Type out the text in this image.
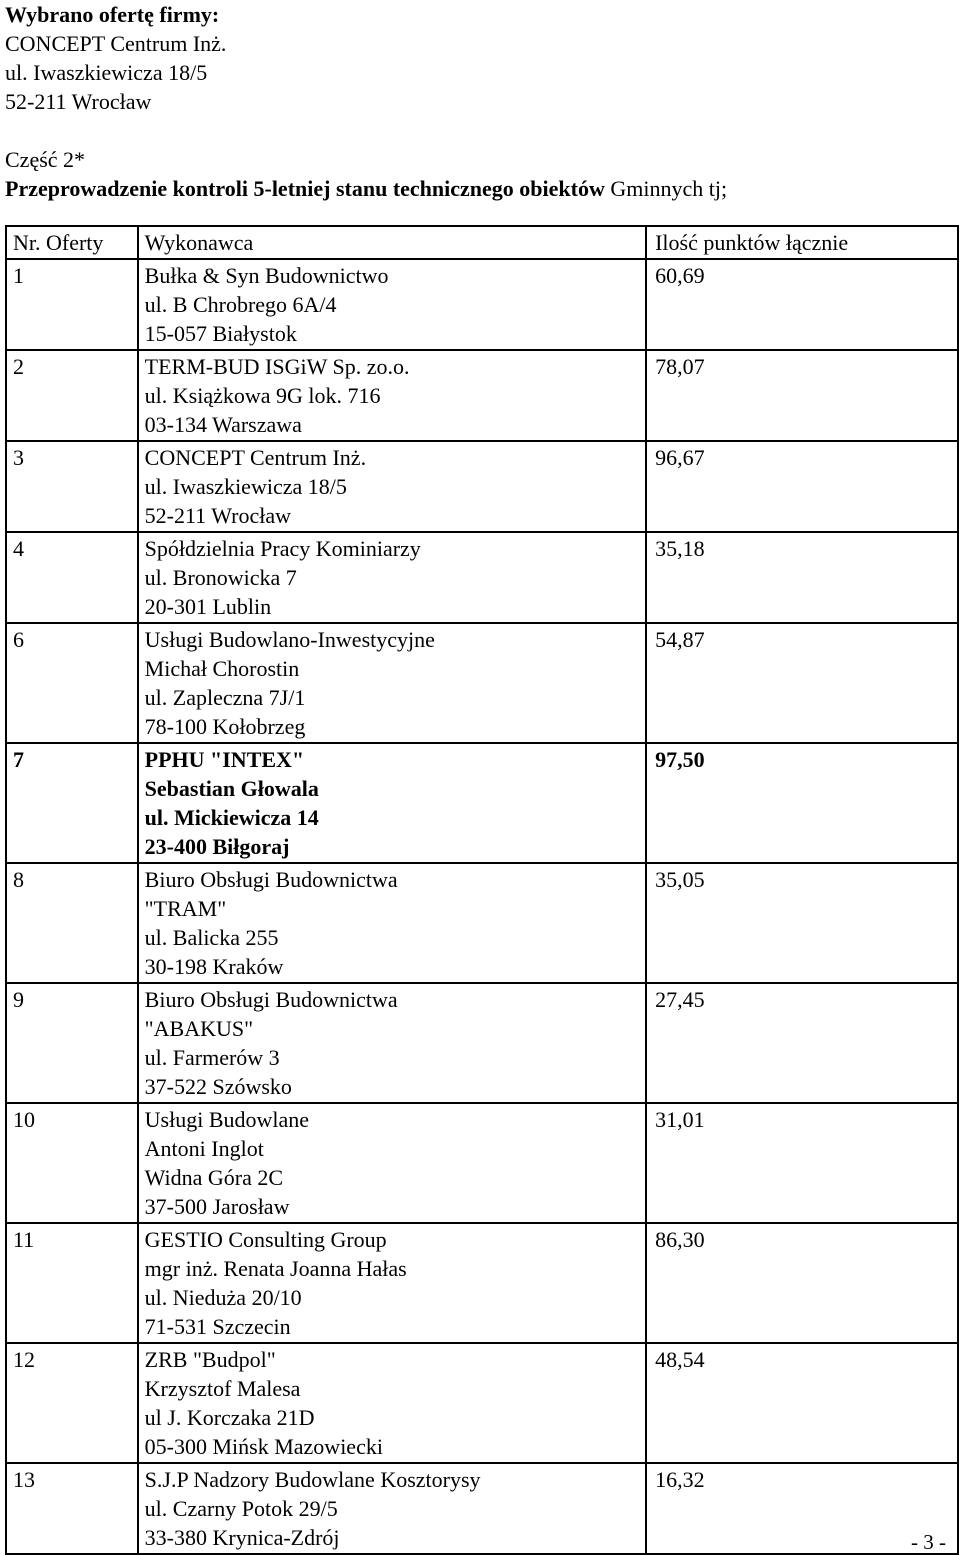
Wybrano ofertę firmy:
CONCEPT Centrum Inż.
ul. Iwaszkiewicza 18/5
52-211 Wrocław
Część 2*
Przeprowadzenie kontroli 5-letniej stanu technicznego obiektów Gminnych tj;
Nr. Oferty	Wykonawca	Ilość punktów łącznie
1	Bułka & Syn Budownictwo
ul. B Chrobrego 6A/4
15-057 Białystok	60,69
2	TERM-BUD ISGiW Sp. zo.o.
ul. Książkowa 9G lok. 716
03-134 Warszawa	78,07
3	CONCEPT Centrum Inż.
ul. Iwaszkiewicza 18/5
52-211 Wrocław	96,67
4	Spółdzielnia Pracy Kominiarzy
ul. Bronowicka 7
20-301 Lublin	35,18
6	Usługi Budowlano-Inwestycyjne
Michał Chorostin
ul. Zapleczna 7J/1
78-100 Kołobrzeg	54,87
7	PPHU "INTEX"
Sebastian Głowala
ul. Mickiewicza 14
23-400 Biłgoraj	97,50
8	Biuro Obsługi Budownictwa
"TRAM"
ul. Balicka 255
30-198 Kraków	35,05
9	Biuro Obsługi Budownictwa
"ABAKUS"
ul. Farmerów 3
37-522 Szówsko	27,45
10	Usługi Budowlane
Antoni Inglot
Widna Góra 2C
37-500 Jarosław	31,01
11	GESTIO Consulting Group
mgr inż. Renata Joanna Hałas
ul. Nieduża 20/10
71-531 Szczecin	86,30
12	ZRB "Budpol"
Krzysztof Malesa
ul J. Korczaka 21D
05-300 Mińsk Mazowiecki	48,54
13	S.J.P Nadzory Budowlane Kosztorysy
ul. Czarny Potok 29/5
33-380 Krynica-Zdrój	16,32
- 3 -
